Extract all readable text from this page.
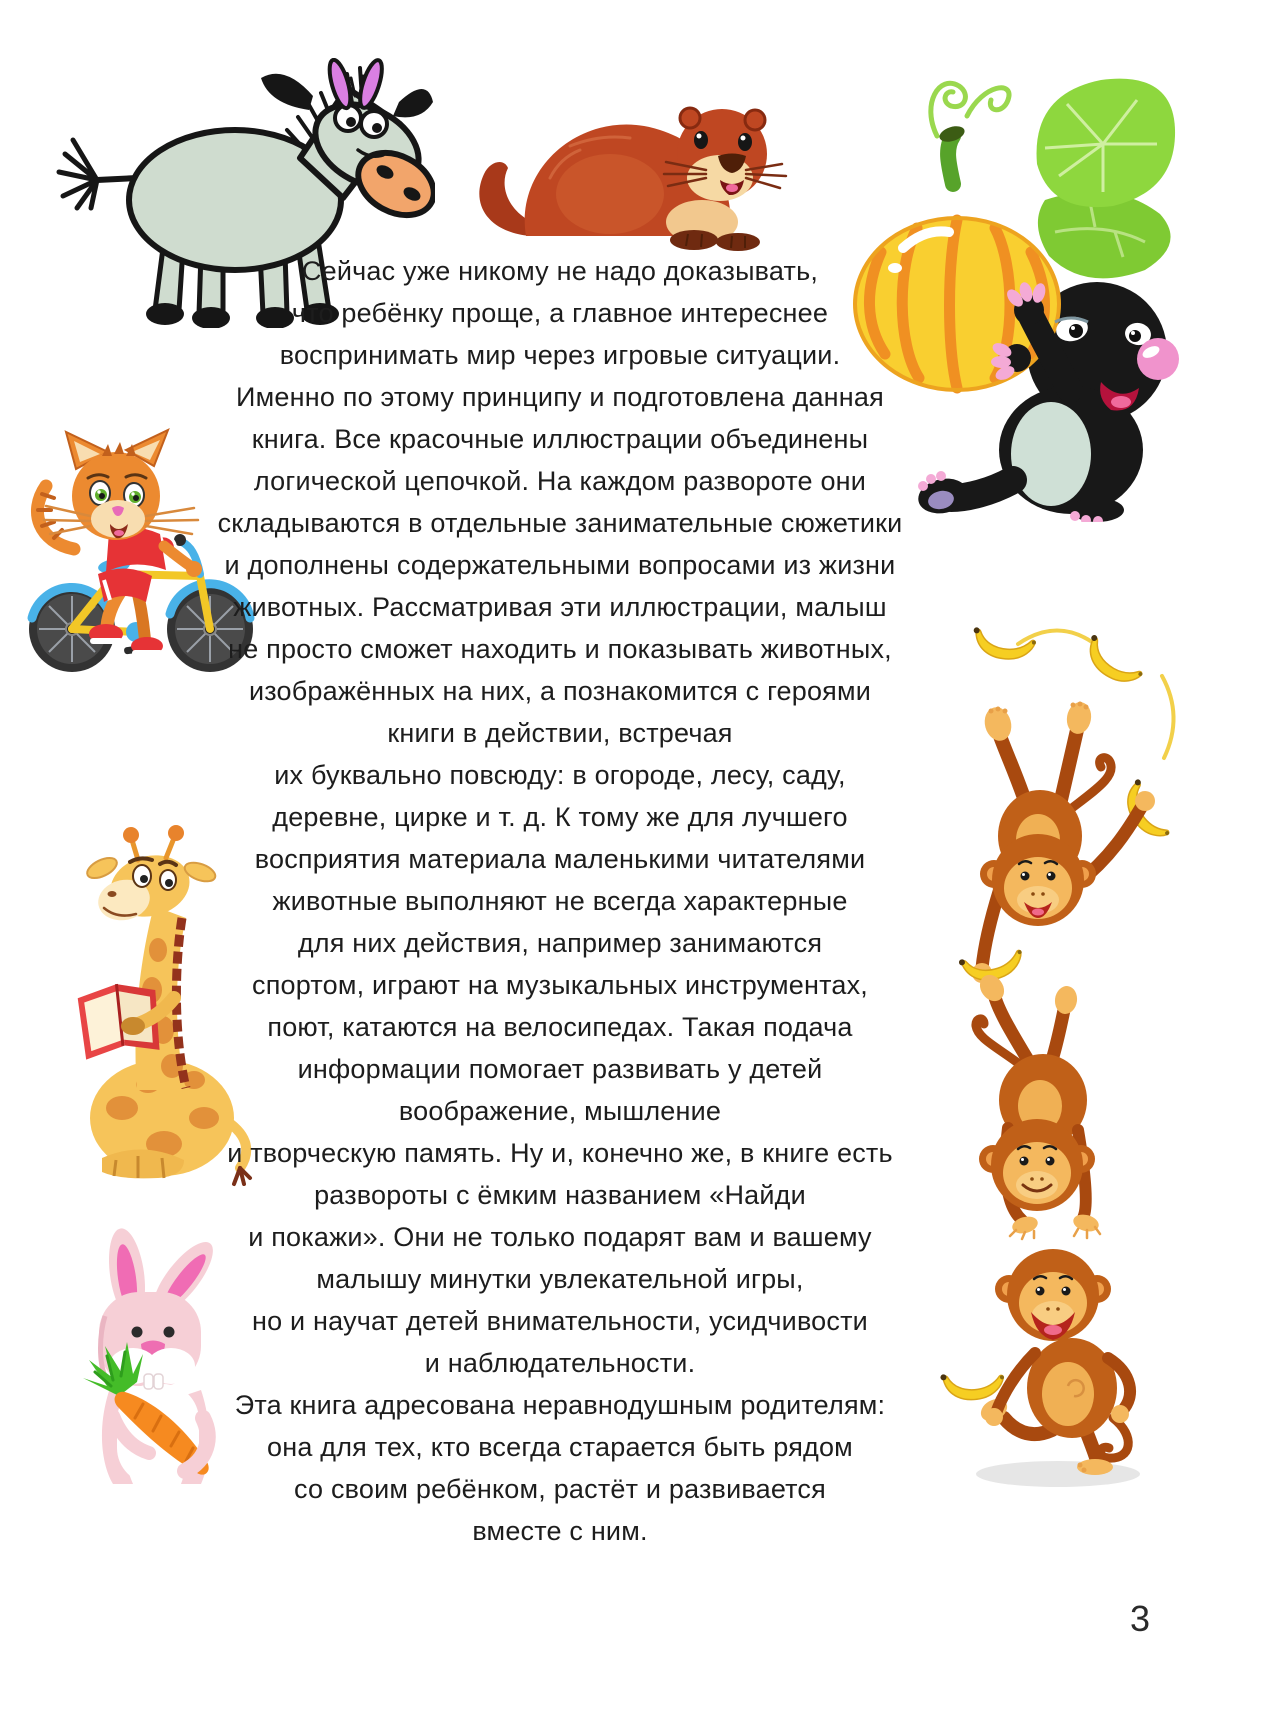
Сейчас уже никому не надо доказывать,
что ребёнку проще, а главное интереснее
воспринимать мир через игровые ситуации.
Именно по этому принципу и подготовлена данная
книга. Все красочные иллюстрации объединены
логической цепочкой. На каждом развороте они
складываются в отдельные занимательные сюжетики
и дополнены содержательными вопросами из жизни
животных. Рассматривая эти иллюстрации, малыш
не просто сможет находить и показывать животных,
изображённых на них, а познакомится с героями
книги в действии, встречая
их буквально повсюду: в огороде, лесу, саду,
деревне, цирке и т. д. К тому же для лучшего
восприятия материала маленькими читателями
животные выполняют не всегда характерные
для них действия, например занимаются
спортом, играют на музыкальных инструментах,
поют, катаются на велосипедах. Такая подача
информации помогает развивать у детей
воображение, мышление
и творческую память. Ну и, конечно же, в книге есть
развороты с ёмким названием «Найди
и покажи». Они не только подарят вам и вашему
малышу минутки увлекательной игры,
но и научат детей внимательности, усидчивости
и наблюдательности.
Эта книга адресована неравнодушным родителям:
она для тех, кто всегда старается быть рядом
со своим ребёнком, растёт и развивается
вместе с ним.
3
